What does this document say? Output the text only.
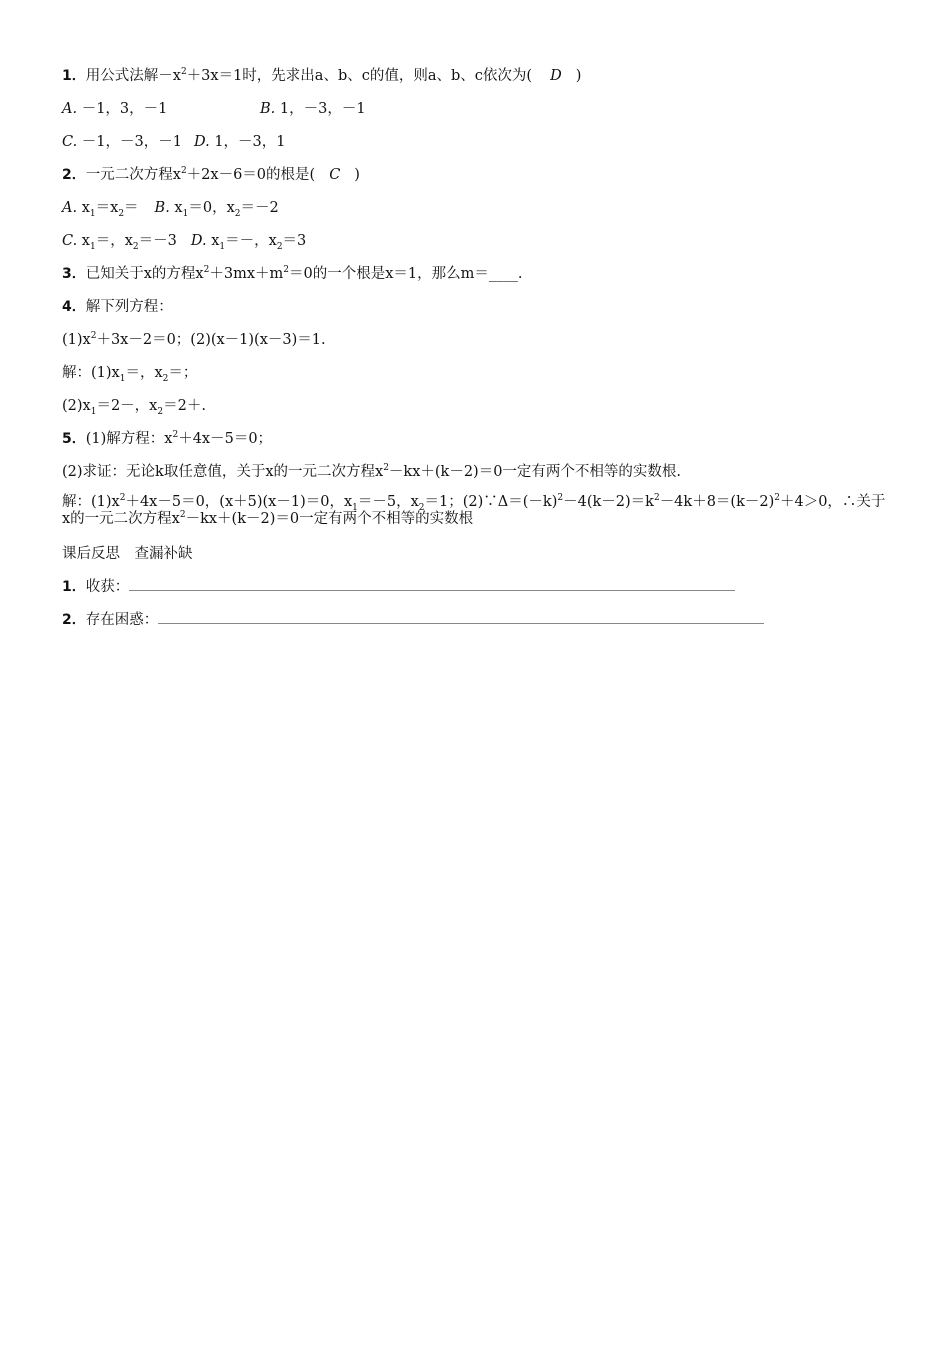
1．用公式法解$-x^2+3x=1$时，先求出a、b、c的值，则a、b、c依次为( D )
A. －1，3，－1	B. 1，－3，－1
C. －1，－3，－1 D. 1，－3，1
2．一元二次方程$x^2+2x-6=0$的根是( C )
A. $x_1=x_2= B$. $x_1=0$，$x_2=-2$
C. $x_1=$，$x_2=-3$ D. $x_1=-$，$x_2=3$
3．已知关于x的方程$x^2+3mx+m^2=0$的一个根是x＝1，那么m＝____.
4．解下列方程：
$(1)x^2+3x-2=0$；(2)(x－1)(x－3)＝1.
解：$(1)x_1=$，$x_2=$；
$(2)x_1=2-$，$x_2=2+$.
5．(1)解方程：$x^2+4x-5=0$；
(2)求证：无论k取任意值，关于x的一元二次方程$x^2-kx+(k-2)=0$一定有两个不相等的实数根.
解：$(1)x^2+4x-5=0$，(x＋5)(x－1)＝0，$x_1=-5$，$x_2=1$；$(2)\because\Delta=(-k)^2-4(k-2)=k^2-4k+8=(k-2)^2+4>0$，∴关于x的一元二次方程$x^2-kx+(k-2)=0$一定有两个不相等的实数根
课后反思　查漏补缺
1．收获：
2．存在困惑：
